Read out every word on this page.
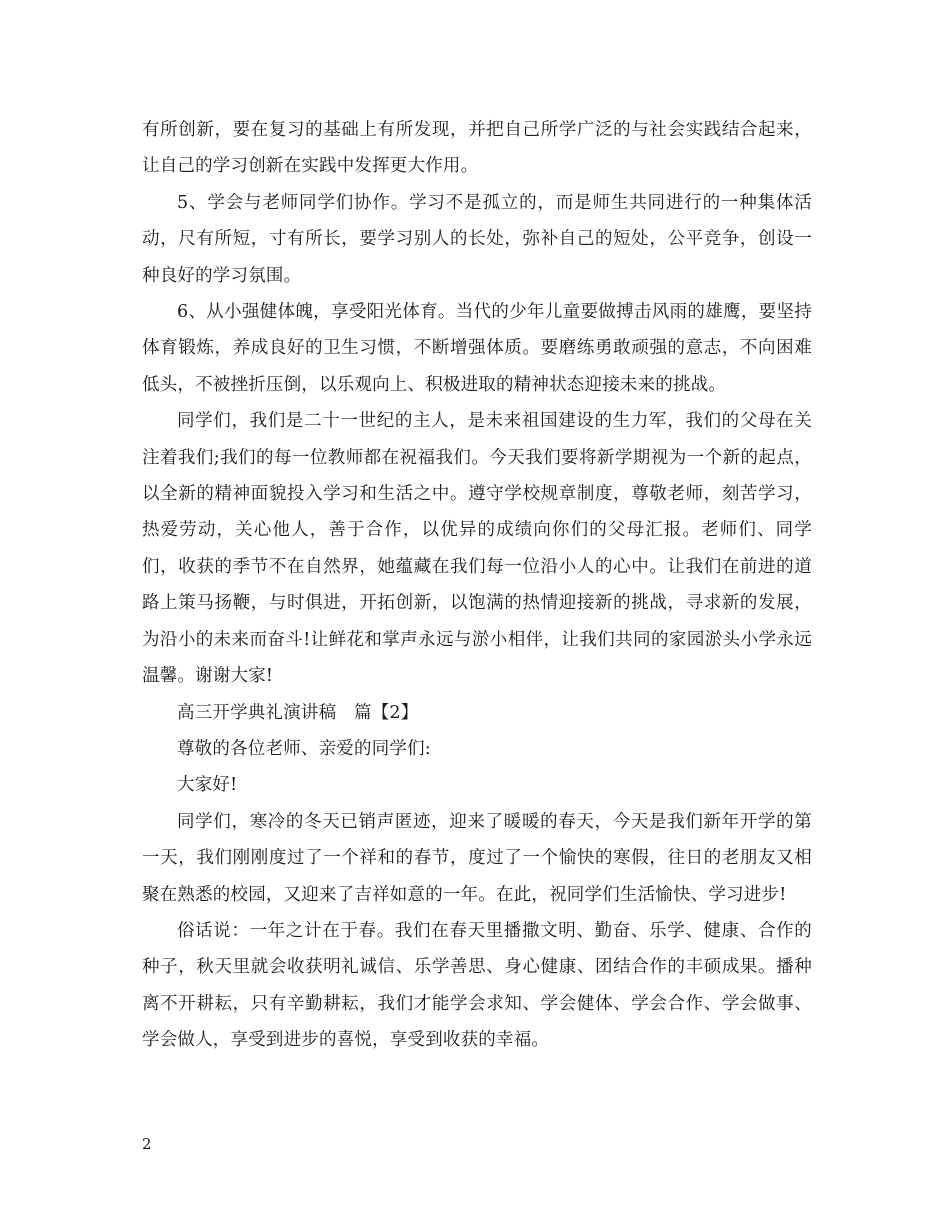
有所创新，要在复习的基础上有所发现，并把自己所学广泛的与社会实践结合起来，让自己的学习创新在实践中发挥更大作用。

5、学会与老师同学们协作。学习不是孤立的，而是师生共同进行的一种集体活动，尺有所短，寸有所长，要学习别人的长处，弥补自己的短处，公平竞争，创设一种良好的学习氛围。

6、从小强健体魄，享受阳光体育。当代的少年儿童要做搏击风雨的雄鹰，要坚持体育锻炼，养成良好的卫生习惯，不断增强体质。要磨练勇敢顽强的意志，不向困难低头，不被挫折压倒，以乐观向上、积极进取的精神状态迎接未来的挑战。

同学们，我们是二十一世纪的主人，是未来祖国建设的生力军，我们的父母在关注着我们;我们的每一位教师都在祝福我们。今天我们要将新学期视为一个新的起点，以全新的精神面貌投入学习和生活之中。遵守学校规章制度，尊敬老师，刻苦学习，热爱劳动，关心他人，善于合作，以优异的成绩向你们的父母汇报。老师们、同学们，收获的季节不在自然界，她蕴藏在我们每一位沿小人的心中。让我们在前进的道路上策马扬鞭，与时俱进，开拓创新，以饱满的热情迎接新的挑战，寻求新的发展，为沿小的未来而奋斗!让鲜花和掌声永远与淤小相伴，让我们共同的家园淤头小学永远温馨。谢谢大家!

高三开学典礼演讲稿　篇【2】

尊敬的各位老师、亲爱的同学们:

大家好!

同学们，寒冷的冬天已销声匿迹，迎来了暖暖的春天，今天是我们新年开学的第一天，我们刚刚度过了一个祥和的春节，度过了一个愉快的寒假，往日的老朋友又相聚在熟悉的校园，又迎来了吉祥如意的一年。在此，祝同学们生活愉快、学习进步!

俗话说：一年之计在于春。我们在春天里播撒文明、勤奋、乐学、健康、合作的种子，秋天里就会收获明礼诚信、乐学善思、身心健康、团结合作的丰硕成果。播种离不开耕耘，只有辛勤耕耘，我们才能学会求知、学会健体、学会合作、学会做事、学会做人，享受到进步的喜悦，享受到收获的幸福。

2
